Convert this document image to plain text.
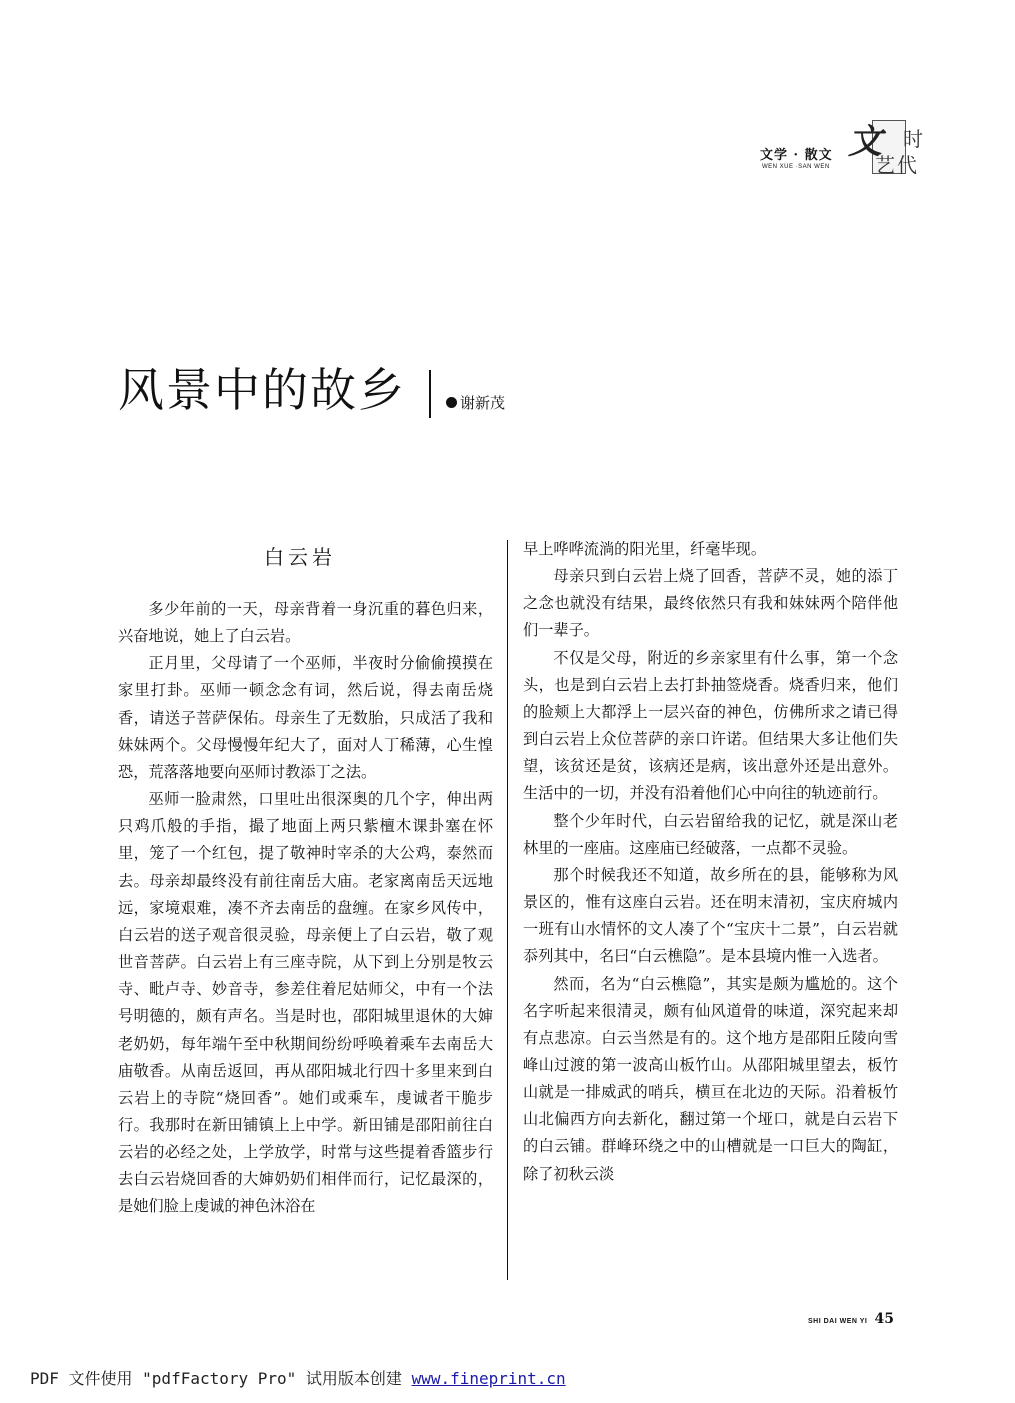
文学 · 散文
WEN XUE ·SAN WEN
时
艺 代
文
风景中的故乡	谢新茂
白云岩

多少年前的一天，母亲背着一身沉重的暮色归来，兴奋地说，她上了白云岩。

正月里，父母请了一个巫师，半夜时分偷偷摸摸在家里打卦。巫师一顿念念有词，然后说，得去南岳烧香，请送子菩萨保佑。母亲生了无数胎，只成活了我和妹妹两个。父母慢慢年纪大了，面对人丁稀薄，心生惶恐，荒落落地要向巫师讨教添丁之法。

巫师一脸肃然，口里吐出很深奥的几个字，伸出两只鸡爪般的手指，撮了地面上两只紫檀木课卦塞在怀里，笼了一个红包，提了敬神时宰杀的大公鸡，泰然而去。母亲却最终没有前往南岳大庙。老家离南岳天远地远，家境艰难，凑不齐去南岳的盘缠。在家乡风传中，白云岩的送子观音很灵验，母亲便上了白云岩，敬了观世音菩萨。白云岩上有三座寺院，从下到上分别是牧云寺、毗卢寺、妙音寺，参差住着尼姑师父，中有一个法号明德的，颇有声名。当是时也，邵阳城里退休的大婶老奶奶，每年端午至中秋期间纷纷呼唤着乘车去南岳大庙敬香。从南岳返回，再从邵阳城北行四十多里来到白云岩上的寺院“烧回香”。她们或乘车，虔诚者干脆步行。我那时在新田铺镇上上中学。新田铺是邵阳前往白云岩的必经之处，上学放学，时常与这些提着香篮步行去白云岩烧回香的大婶奶奶们相伴而行，记忆最深的，是她们脸上虔诚的神色沐浴在

早上哗哗流淌的阳光里，纤毫毕现。

母亲只到白云岩上烧了回香，菩萨不灵，她的添丁之念也就没有结果，最终依然只有我和妹妹两个陪伴他们一辈子。

不仅是父母，附近的乡亲家里有什么事，第一个念头，也是到白云岩上去打卦抽签烧香。烧香归来，他们的脸颊上大都浮上一层兴奋的神色，仿佛所求之请已得到白云岩上众位菩萨的亲口许诺。但结果大多让他们失望，该贫还是贫，该病还是病，该出意外还是出意外。生活中的一切，并没有沿着他们心中向往的轨迹前行。

整个少年时代，白云岩留给我的记忆，就是深山老林里的一座庙。这座庙已经破落，一点都不灵验。

那个时候我还不知道，故乡所在的县，能够称为风景区的，惟有这座白云岩。还在明末清初，宝庆府城内一班有山水情怀的文人凑了个“宝庆十二景”，白云岩就忝列其中，名曰“白云樵隐”。是本县境内惟一入选者。

然而，名为“白云樵隐”，其实是颇为尴尬的。这个名字听起来很清灵，颇有仙风道骨的味道，深究起来却有点悲凉。白云当然是有的。这个地方是邵阳丘陵向雪峰山过渡的第一波高山板竹山。从邵阳城里望去，板竹山就是一排威武的哨兵，横亘在北边的天际。沿着板竹山北偏西方向去新化，翻过第一个垭口，就是白云岩下的白云铺。群峰环绕之中的山槽就是一口巨大的陶缸，除了初秋云淡

SHI DAI WEN YI 45
PDF 文件使用 "pdfFactory Pro" 试用版本创建 www.fineprint.cn
